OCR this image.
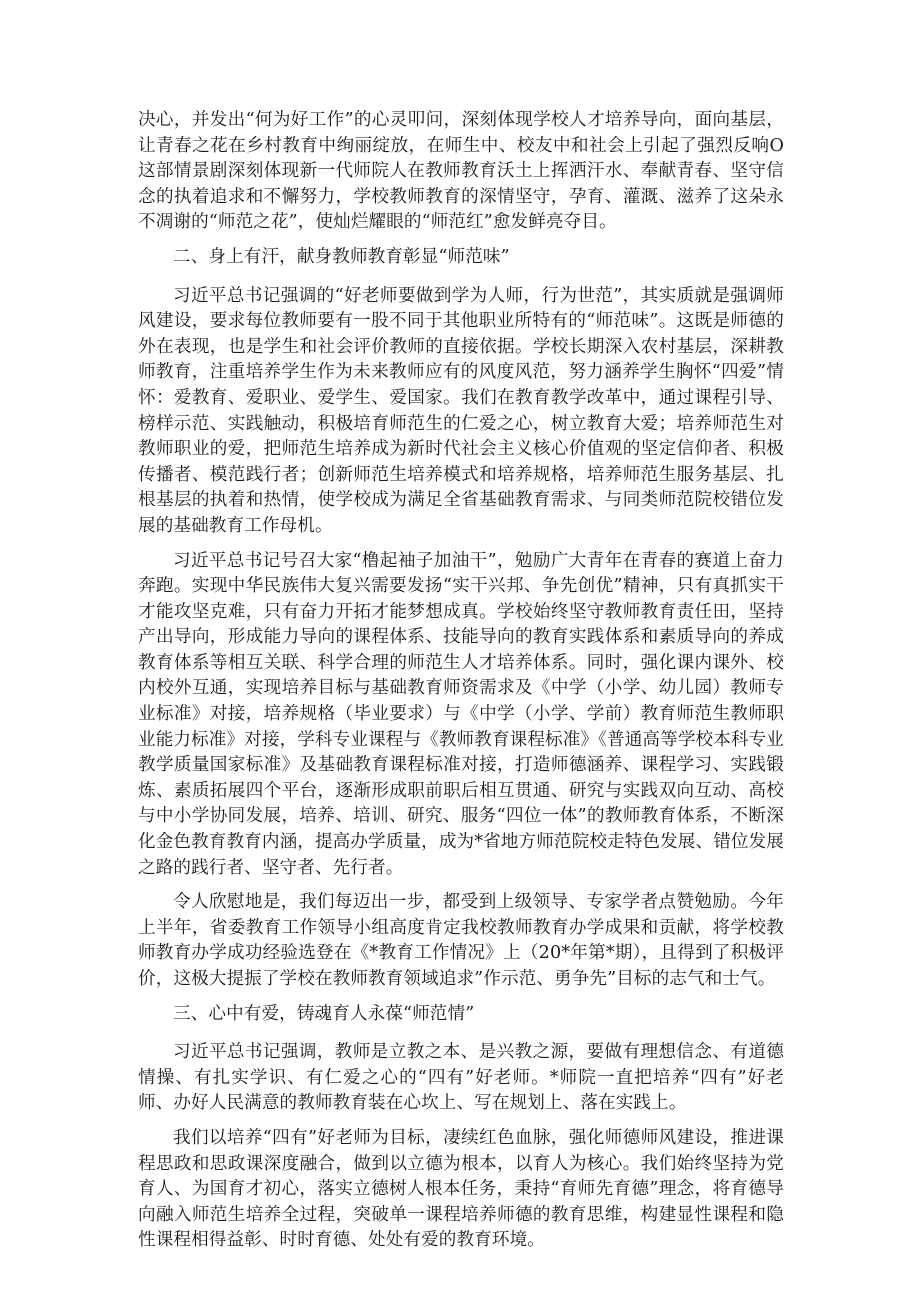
决心，并发出“何为好工作”的心灵叩问，深刻体现学校人才培养导向，面向基层，让青春之花在乡村教育中绚丽绽放，在师生中、校友中和社会上引起了强烈反响O这部情景剧深刻体现新一代师院人在教师教育沃土上挥洒汗水、奉献青春、坚守信念的执着追求和不懈努力，学校教师教育的深情坚守，孕育、灌溉、滋养了这朵永不凋谢的“师范之花”，使灿烂耀眼的“师范红”愈发鲜亮夺目。

二、身上有汗，献身教师教育彰显“师范味”

习近平总书记强调的“好老师要做到学为人师，行为世范”，其实质就是强调师风建设，要求每位教师要有一股不同于其他职业所特有的“师范味”。这既是师德的外在表现，也是学生和社会评价教师的直接依据。学校长期深入农村基层，深耕教师教育，注重培养学生作为未来教师应有的风度风范，努力涵养学生胸怀“四爱”情怀：爱教育、爱职业、爱学生、爱国家。我们在教育教学改革中，通过课程引导、榜样示范、实践触动，积极培育师范生的仁爱之心，树立教育大爱；培养师范生对教师职业的爱，把师范生培养成为新时代社会主义核心价值观的坚定信仰者、积极传播者、模范践行者；创新师范生培养模式和培养规格，培养师范生服务基层、扎根基层的执着和热情，使学校成为满足全省基础教育需求、与同类师范院校错位发展的基础教育工作母机。

习近平总书记号召大家“橹起袖子加油干”，勉励广大青年在青春的赛道上奋力奔跑。实现中华民族伟大复兴需要发扬“实干兴邦、争先创优”精神，只有真抓实干才能攻坚克难，只有奋力开拓才能梦想成真。学校始终坚守教师教育责任田，坚持产出导向，形成能力导向的课程体系、技能导向的教育实践体系和素质导向的养成教育体系等相互关联、科学合理的师范生人才培养体系。同时，强化课内课外、校内校外互通，实现培养目标与基础教育师资需求及《中学（小学、幼儿园）教师专业标准》对接，培养规格（毕业要求）与《中学（小学、学前）教育师范生教师职业能力标准》对接，学科专业课程与《教师教育课程标准》《普通高等学校本科专业教学质量国家标准》及基础教育课程标准对接，打造师德涵养、课程学习、实践锻炼、素质拓展四个平台，逐渐形成职前职后相互贯通、研究与实践双向互动、高校与中小学协同发展，培养、培训、研究、服务“四位一体”的教师教育体系，不断深化金色教育教育内涵，提高办学质量，成为*省地方师范院校走特色发展、错位发展之路的践行者、坚守者、先行者。

令人欣慰地是，我们每迈出一步，都受到上级领导、专家学者点赞勉励。今年上半年，省委教育工作领导小组高度肯定我校教师教育办学成果和贡献，将学校教师教育办学成功经验选登在《*教育工作情况》上（20*年第*期），且得到了积极评价，这极大提振了学校在教师教育领域追求”作示范、勇争先”目标的志气和士气。

三、心中有爱，铸魂育人永葆“师范情”

习近平总书记强调，教师是立教之本、是兴教之源，要做有理想信念、有道德情操、有扎实学识、有仁爱之心的“四有”好老师。*师院一直把培养“四有”好老师、办好人民满意的教师教育装在心坎上、写在规划上、落在实践上。

我们以培养“四有”好老师为目标，凄续红色血脉，强化师德师风建设，推进课程思政和思政课深度融合，做到以立德为根本，以育人为核心。我们始终坚持为党育人、为国育才初心，落实立德树人根本任务，秉持“育师先育德”理念，将育德导向融入师范生培养全过程，突破单一课程培养师德的教育思维，构建显性课程和隐性课程相得益彰、时时育德、处处有爱的教育环境。
